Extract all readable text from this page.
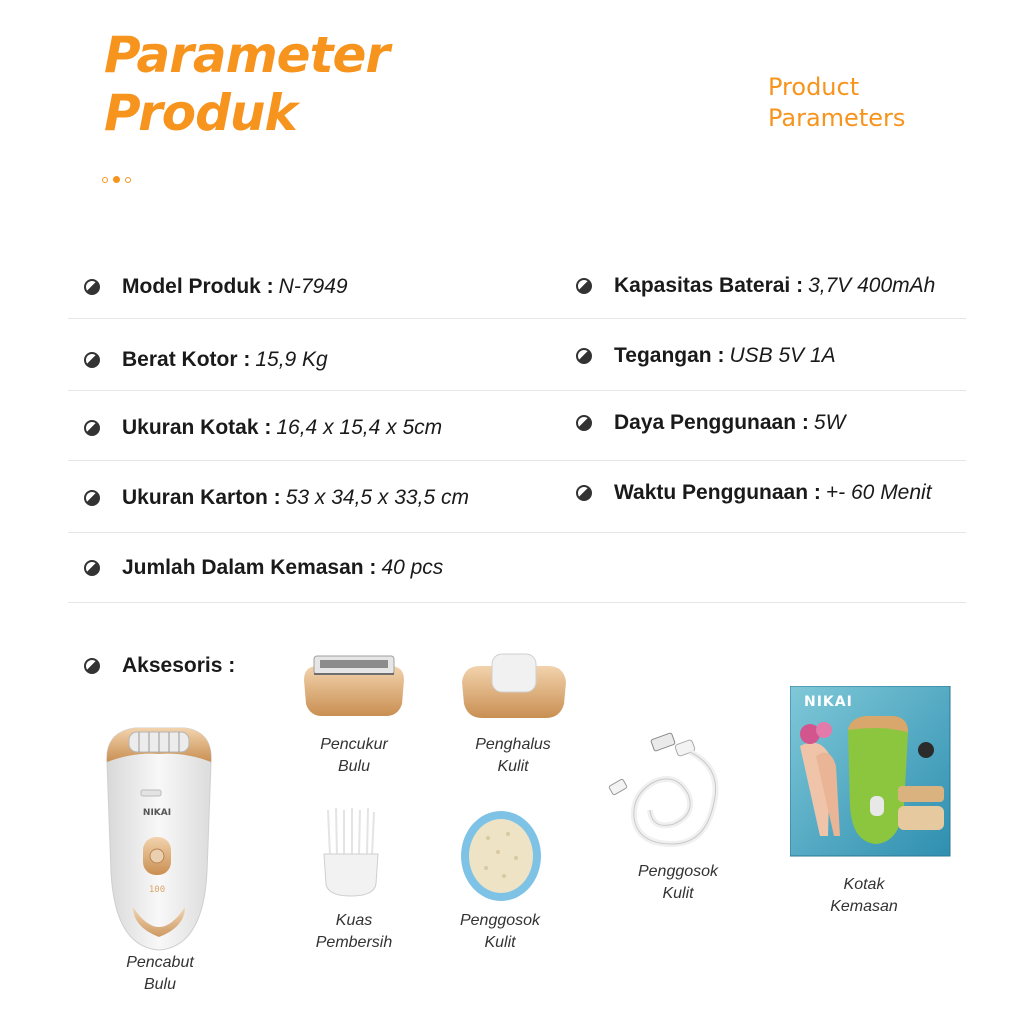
Parameter
Produk	Product
Parameters
Model Produk : N-7949
Berat Kotor : 15,9 Kg
Ukuran Kotak : 16,4 x 15,4 x 5cm
Ukuran Karton : 53 x 34,5 x 33,5 cm
Jumlah Dalam Kemasan : 40 pcs
Kapasitas Baterai : 3,7V 400mAh
Tegangan : USB 5V 1A
Daya Penggunaan : 5W
Waktu Penggunaan : +- 60 Menit
Aksesoris :
NIKAI
100
Pencabut
Bulu
Pencukur
Bulu
Penghalus
Kulit
Kuas
Pembersih
Penggosok
Kulit
Penggosok
Kulit
NIKAI
Kotak
Kemasan
